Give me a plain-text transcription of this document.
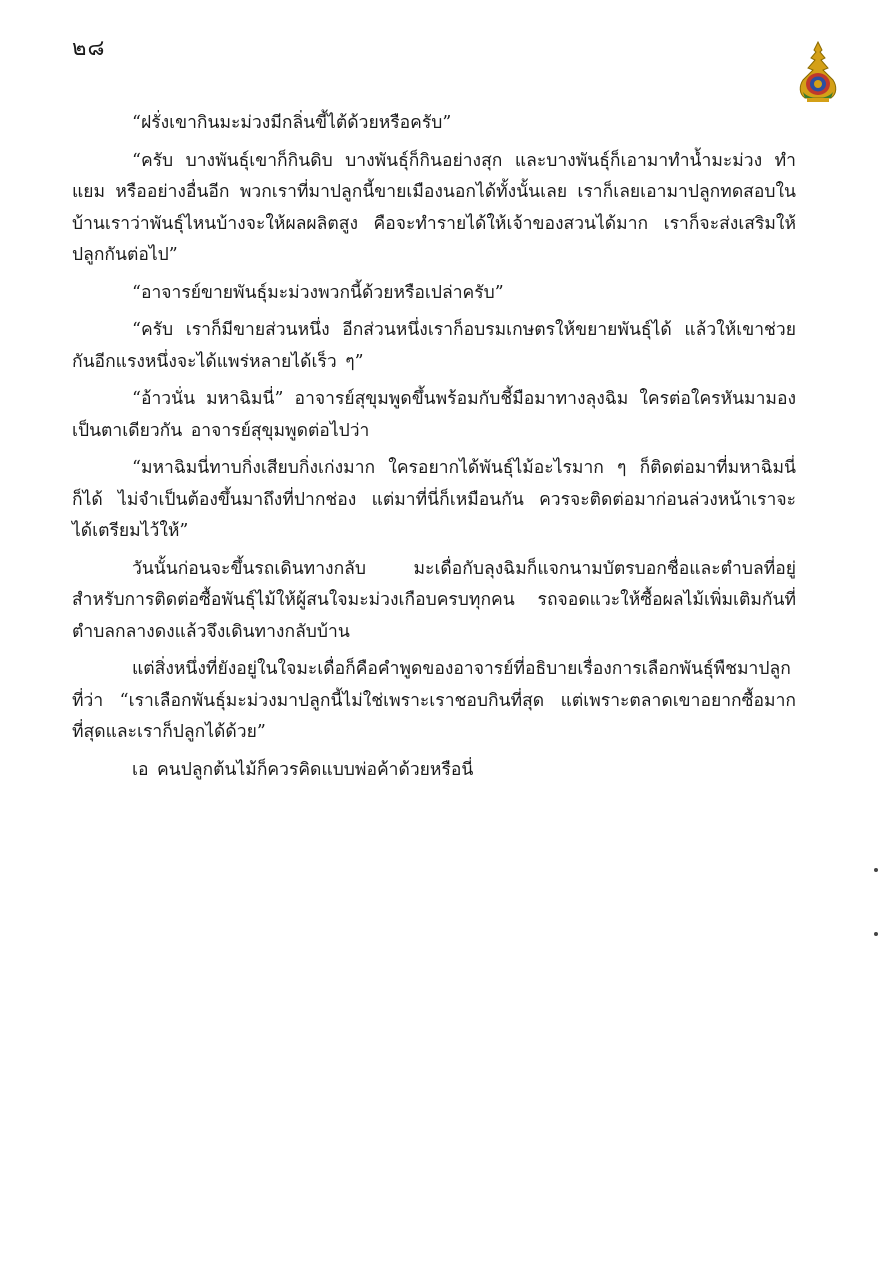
๒๘

“ฝรั่งเขากินมะม่วงมีกลิ่นขี้ไต้ด้วยหรือครับ”

“ครับ บางพันธุ์เขาก็กินดิบ บางพันธุ์ก็กินอย่างสุก และบางพันธุ์ก็เอามาทำน้ำมะม่วง ทำแยม หรืออย่างอื่นอีก พวกเราที่มาปลูกนี้ขายเมืองนอกได้ทั้งนั้นเลย เราก็เลยเอามาปลูกทดสอบในบ้านเราว่าพันธุ์ไหนบ้างจะให้ผลผลิตสูง คือจะทำรายได้ให้เจ้าของสวนได้มาก เราก็จะส่งเสริมให้ปลูกกันต่อไป”

“อาจารย์ขายพันธุ์มะม่วงพวกนี้ด้วยหรือเปล่าครับ”

“ครับ เราก็มีขายส่วนหนึ่ง อีกส่วนหนึ่งเราก็อบรมเกษตรให้ขยายพันธุ์ได้ แล้วให้เขาช่วยกันอีกแรงหนึ่งจะได้แพร่หลายได้เร็ว ๆ”

“อ้าวนั่น มหาฉิมนี่” อาจารย์สุขุมพูดขึ้นพร้อมกับชี้มือมาทางลุงฉิม ใครต่อใครหันมามองเป็นตาเดียวกัน อาจารย์สุขุมพูดต่อไปว่า

“มหาฉิมนี่ทาบกิ่งเสียบกิ่งเก่งมาก ใครอยากได้พันธุ์ไม้อะไรมาก ๆ ก็ติดต่อมาที่มหาฉิมนี่ก็ได้ ไม่จำเป็นต้องขึ้นมาถึงที่ปากช่อง แต่มาที่นี่ก็เหมือนกัน ควรจะติดต่อมาก่อนล่วงหน้าเราจะได้เตรียมไว้ให้”

วันนั้นก่อนจะขึ้นรถเดินทางกลับ มะเดื่อกับลุงฉิมก็แจกนามบัตรบอกชื่อและตำบลที่อยู่สำหรับการติดต่อซื้อพันธุ์ไม้ให้ผู้สนใจมะม่วงเกือบครบทุกคน รถจอดแวะให้ซื้อผลไม้เพิ่มเติมกันที่ตำบลกลางดงแล้วจึงเดินทางกลับบ้าน

แต่สิ่งหนึ่งที่ยังอยู่ในใจมะเดื่อก็คือคำพูดของอาจารย์ที่อธิบายเรื่องการเลือกพันธุ์พืชมาปลูกที่ว่า “เราเลือกพันธุ์มะม่วงมาปลูกนี้ไม่ใช่เพราะเราชอบกินที่สุด แต่เพราะตลาดเขาอยากซื้อมากที่สุดและเราก็ปลูกได้ด้วย”

เอ คนปลูกต้นไม้ก็ควรคิดแบบพ่อค้าด้วยหรือนี่
